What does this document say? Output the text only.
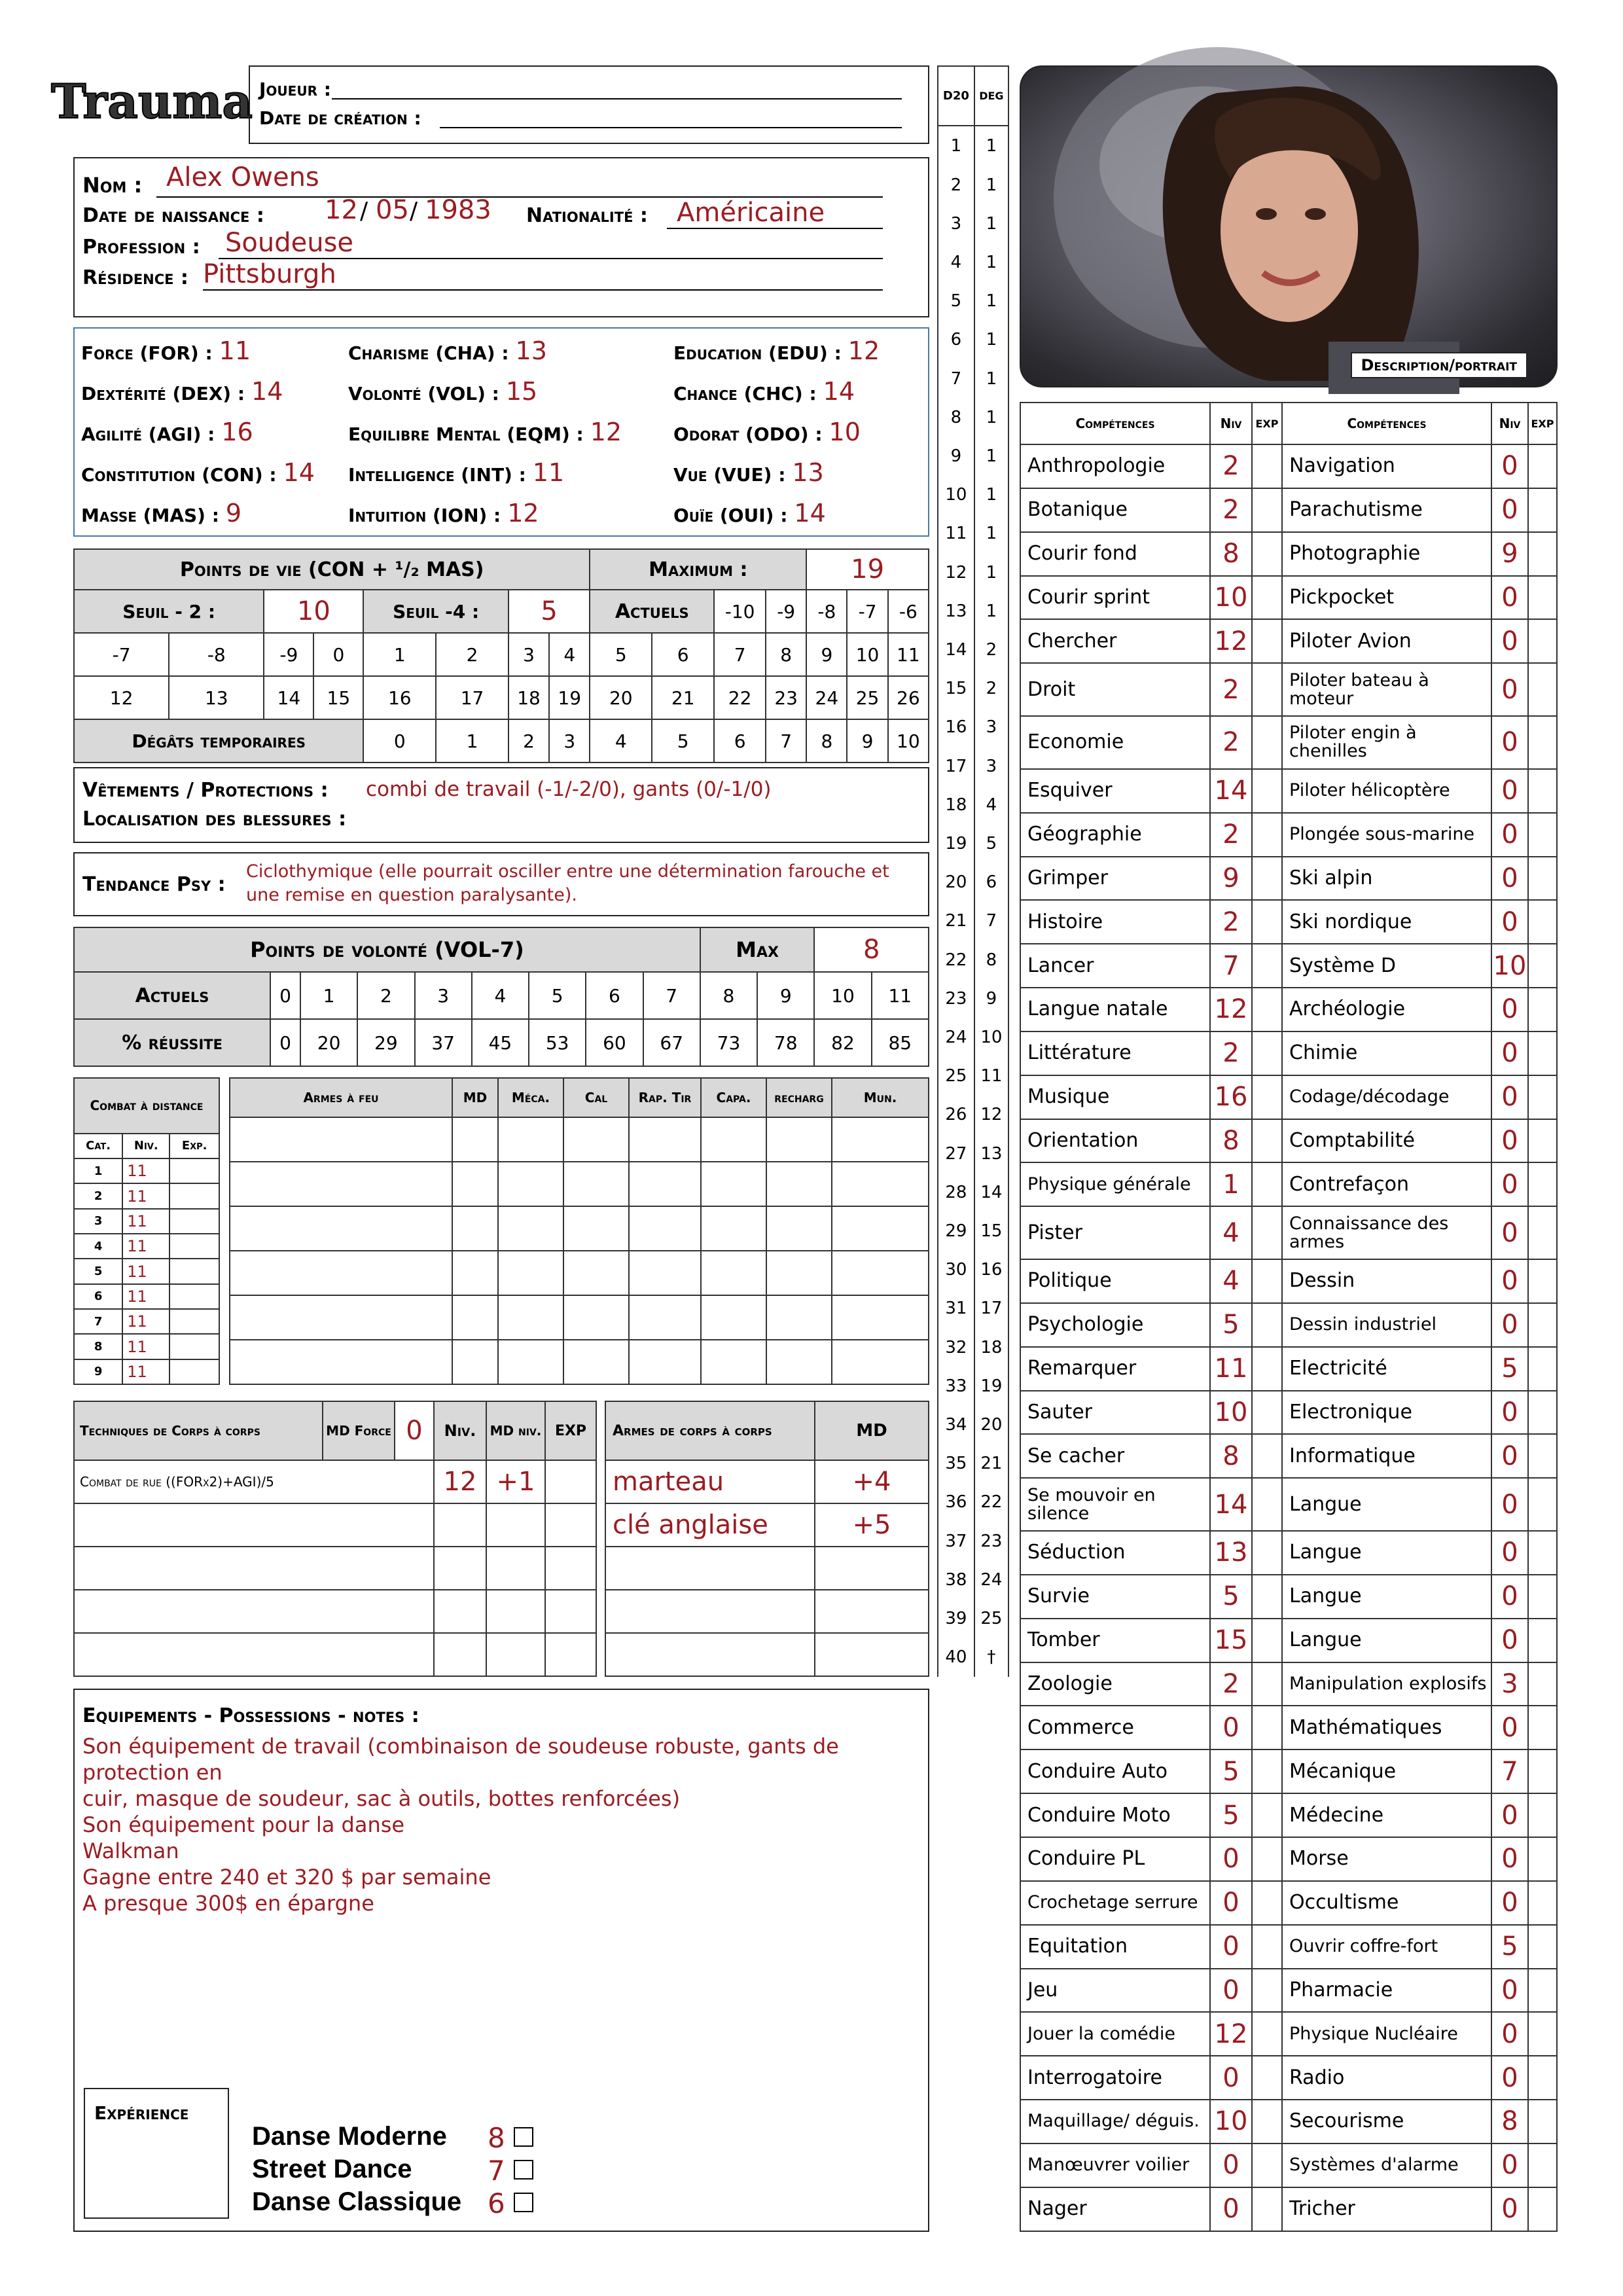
Trauma Joueur :
Date de création :
Nom : Alex Owens
Date de naissance : 12 / 05 / 1983 Nationalité : Américaine
Profession : Soudeuse
Résidence : Pittsburgh
Force (FOR) : 11	Charisme (CHA) : 13	Education (EDU) : 12
Dextérité (DEX) : 14	Volonté (VOL) : 15	Chance (CHC) : 14
Agilité (AGI) : 16	Equilibre Mental (EQM) : 12	Odorat (ODO) : 10
Constitution (CON) : 14 Intelligence (INT) : 11	Vue (VUE) : 13
Masse (MAS) : 9	Intuition (ION) : 12	Ouïe (OUI) : 14
Points de vie (CON + ¹/₂ MAS)								Maximum :				19		
Seuil - 2 :		10		Seuil -4 :		5		Actuels		-10	-9	-8	-7	-6
-7	-8	-9	0	1	2	3	4	5	6	7	8	9	10	11
12	13	14	15	16	17	18	19	20	21	22	23	24	25	26
Dégâts temporaires				0	1	2	3	4	5	6	7	8	9	10
Vêtements / Protections : combi de travail (-1/-2/0), gants (0/-1/0)
Localisation des blessures :
Tendance Psy :
Ciclothymique (elle pourrait osciller entre une détermination farouche et une remise en question paralysante).
Points de volonté (VOL-7)									Max		8	
Actuels	0	1	2	3	4	5	6	7	8	9	10	11
% réussite	0	20	29	37	45	53	60	67	73	78	82	85
Combat à distance		
Cat.	Niv.	Exp.
1	11	
2	11	
3	11	
4	11	
5	11	
6	11	
7	11	
8	11	
9	11	
Armes à feu	MD	Méca.	Cal	Rap. Tir	Capa.	recharg	Mun.

Techniques de Corps à corps	MD Force	0	Niv.	MD niv.	EXP
Combat de rue ((FORx2)+AGI)/5			12	+1	

Armes de corps à corps	MD
marteau	+4
clé anglaise	+5

Equipements - Possessions - notes :
Son équipement de travail (combinaison de soudeuse robuste, gants de protection en
cuir, masque de soudeur, sac à outils, bottes renforcées)
Son équipement pour la danse
Walkman
Gagne entre 240 et 320 $ par semaine
A presque 300$ en épargne
Expérience
Danse Moderne 8
Street Dance	7
Danse Classique 6
D20	DEG
1	1
2	1
3	1
4	1
5	1
6	1
7	1
8	1
9	1
10	1
11	1
12	1
13	1
14	2
15	2
16	3
17	3
18	4
19	5
20	6
21	7
22	8
23	9
24	10
25	11
26	12
27	13
28	14
29	15
30	16
31	17
32	18
33	19
34	20
35	21
36	22
37	23
38	24
39	25
40	†
Description/portrait
Compétences	Niv	EXP	Compétences	Niv	EXP
Anthropologie	2		Navigation	0	
Botanique	2		Parachutisme	0	
Courir fond	8		Photographie	9	
Courir sprint	10		Pickpocket	0	
Chercher	12		Piloter Avion	0	
Droit	2		Piloter bateau à moteur	0	
Economie	2		Piloter engin à chenilles	0	
Esquiver	14		Piloter hélicoptère	0	
Géographie	2		Plongée sous-marine	0	
Grimper	9		Ski alpin	0	
Histoire	2		Ski nordique	0	
Lancer	7		Système D	10	
Langue natale	12		Archéologie	0	
Littérature	2		Chimie	0	
Musique	16		Codage/décodage	0	
Orientation	8		Comptabilité	0	
Physique générale	1		Contrefaçon	0	
Pister	4		Connaissance des armes	0	
Politique	4		Dessin	0	
Psychologie	5		Dessin industriel	0	
Remarquer	11		Electricité	5	
Sauter	10		Electronique	0	
Se cacher	8		Informatique	0	
Se mouvoir en silence	14		Langue	0	
Séduction	13		Langue	0	
Survie	5		Langue	0	
Tomber	15		Langue	0	
Zoologie	2		Manipulation explosifs	3	
Commerce	0		Mathématiques	0	
Conduire Auto	5		Mécanique	7	
Conduire Moto	5		Médecine	0	
Conduire PL	0		Morse	0	
Crochetage serrure	0		Occultisme	0	
Equitation	0		Ouvrir coffre-fort	5	
Jeu	0		Pharmacie	0	
Jouer la comédie	12		Physique Nucléaire	0	
Interrogatoire	0		Radio	0	
Maquillage/ déguis.	10		Secourisme	8	
Manœuvrer voilier	0		Systèmes d'alarme	0	
Nager	0		Tricher	0	
